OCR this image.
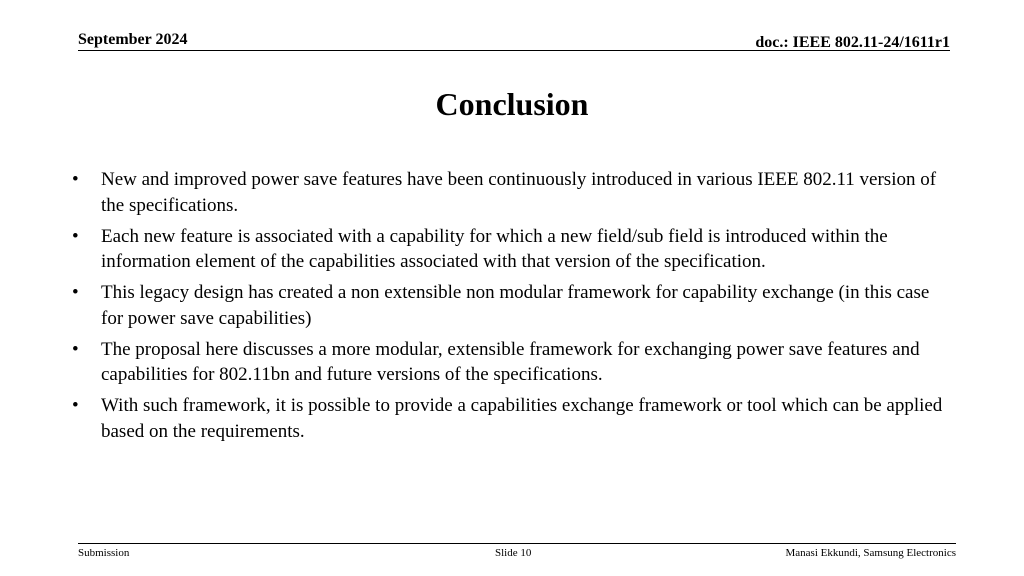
September 2024	doc.: IEEE 802.11-24/1611r1
Conclusion
• New and improved power save features have been continuously introduced in various IEEE 802.11 version of the specifications.
• Each new feature is associated with a capability for which a new field/sub field is introduced within the information element of the capabilities associated with that version of the specification.
• This legacy design has created a non extensible non modular framework for capability exchange (in this case for power save capabilities)
• The proposal here discusses a more modular, extensible framework for exchanging power save features and capabilities for 802.11bn and future versions of the specifications.
• With such framework, it is possible to provide a capabilities exchange framework or tool which can be applied based on the requirements.
Submission	Slide 10	Manasi Ekkundi, Samsung Electronics
